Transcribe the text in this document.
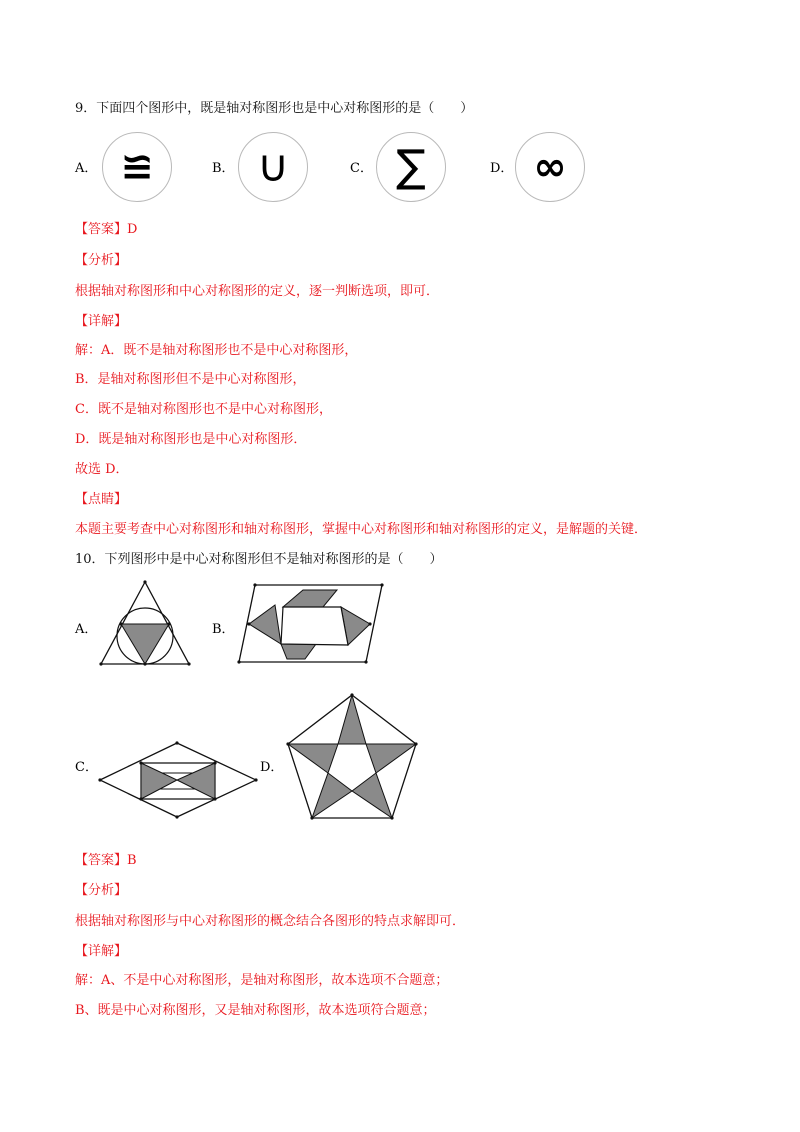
9．下面四个图形中，既是轴对称图形也是中心对称图形的是（　　）
A． ≌	B． ∪	C． ∑	D． ∞
【答案】D
【分析】
根据轴对称图形和中心对称图形的定义，逐一判断选项，即可．
【详解】
解：A．既不是轴对称图形也不是中心对称图形，
B．是轴对称图形但不是中心对称图形，
C．既不是轴对称图形也不是中心对称图形，
D．既是轴对称图形也是中心对称图形．
故选 D．
【点睛】
本题主要考查中心对称图形和轴对称图形，掌握中心对称图形和轴对称图形的定义，是解题的关键．
10．下列图形中是中心对称图形但不是轴对称图形的是（　　）
A．	B．
C．	D．
【答案】B
【分析】
根据轴对称图形与中心对称图形的概念结合各图形的特点求解即可．
【详解】
解：A、不是中心对称图形，是轴对称图形，故本选项不合题意；
B、既是中心对称图形，又是轴对称图形，故本选项符合题意；
